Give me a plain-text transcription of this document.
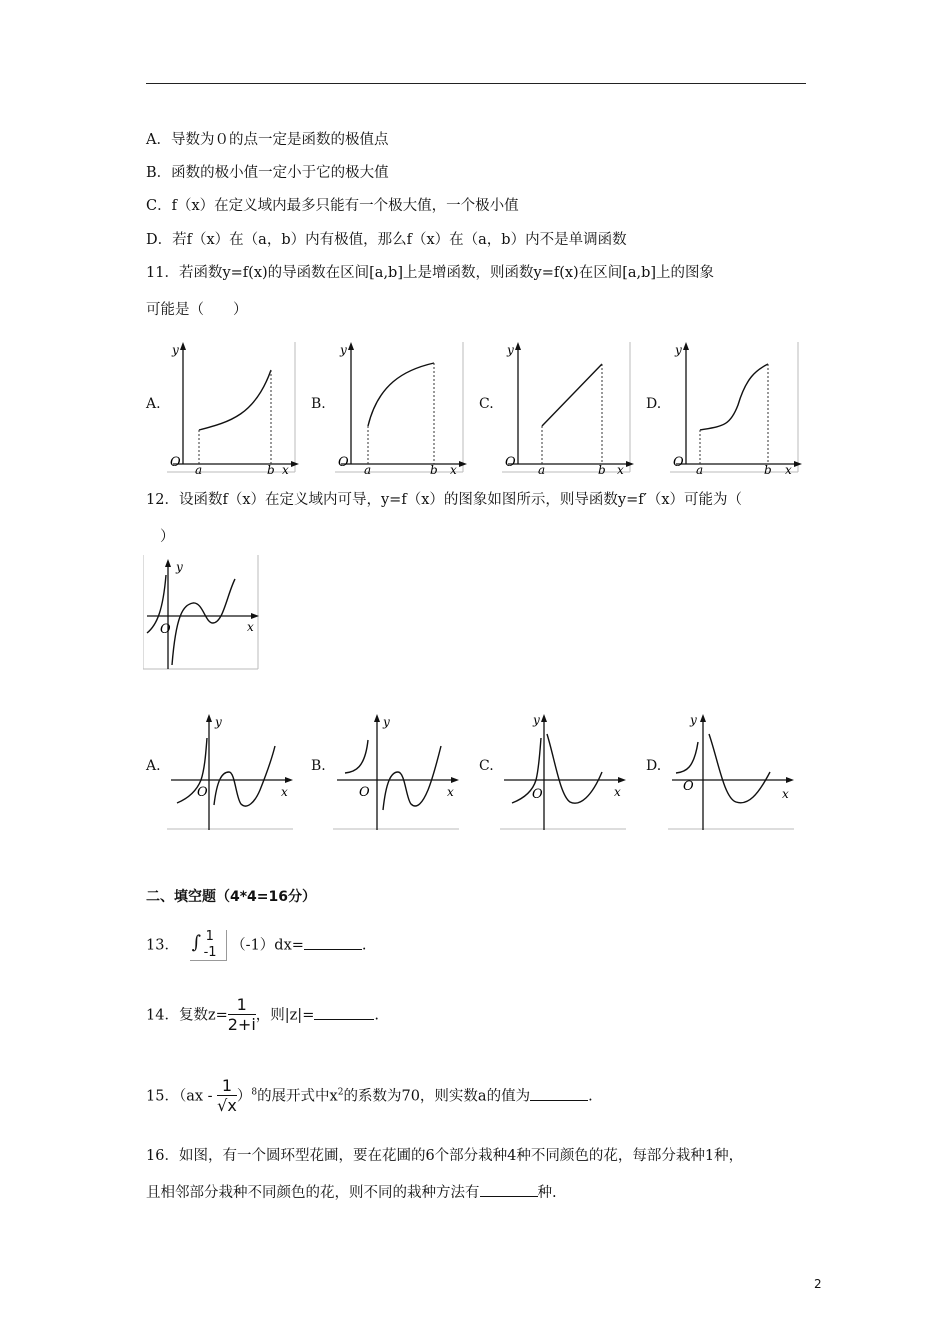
A．导数为０的点一定是函数的极值点
B．函数的极小值一定小于它的极大值
C．f（x）在定义域内最多只能有一个极大值，一个极小值
D．若f（x）在（a，b）内有极值，那么f（x）在（a，b）内不是单调函数
11．若函数y=f(x)的导函数在区间[a,b]上是增函数，则函数y=f(x)在区间[a,b]上的图象
可能是（　　）
A.	B.	C.	D.
y
O a	b x
y
O a	b x
y
O a	b x
y
O a	b x
12．设函数f（x）在定义域内可导，y=f（x）的图象如图所示，则导函数y=f′（x）可能为（
）
y
O	x
A.	B.	C.	D.
y
O	x
y
O	x
y
O	x
y
O	x
二、填空题（4*4=16分）
13． ∫ 1
-1 （-1）dx=	.
14．复数$z= \frac{1}{2+i}$ ，则|z|=	.
15．$(ax - \frac{1}{√x} )^8$的展开式中$x^2$的系数为70，则实数a的值为	.
16．如图，有一个圆环型花圃，要在花圃的6个部分栽种4种不同颜色的花，每部分栽种1种，
且相邻部分栽种不同颜色的花，则不同的栽种方法有	种.
2
